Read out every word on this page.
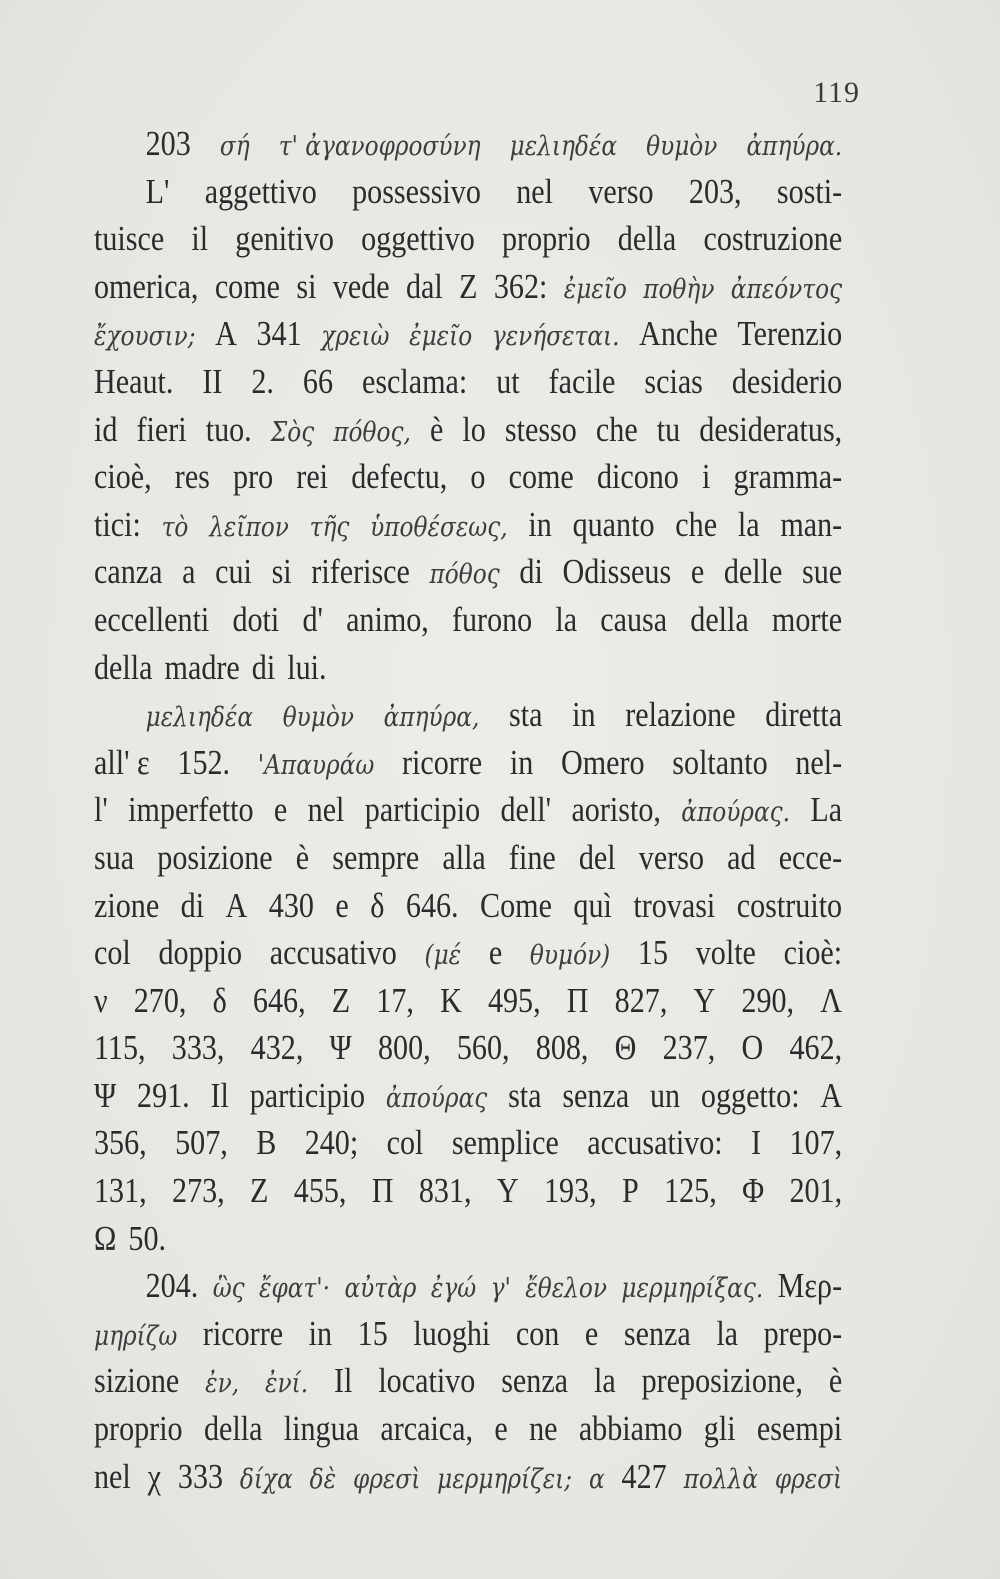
119
203 σή τ' ἀγανοφροσύνη μελιηδέα θυμὸν ἀπηύρα.
L' aggettivo possessivo nel verso 203, sosti-
tuisce il genitivo oggettivo proprio della costruzione
omerica, come si vede dal Z 362: ἐμεῖο ποθὴν ἀπεόντος
ἔχουσιν; A 341 χρειὼ ἐμεῖο γενήσεται. Anche Terenzio
Heaut. II 2. 66 esclama: ut facile scias desiderio
id fieri tuo. Σὸς πόθος, è lo stesso che tu desideratus,
cioè, res pro rei defectu, o come dicono i gramma-
tici: τὸ λεῖπον τῆς ὑποθέσεως, in quanto che la man-
canza a cui si riferisce πόθος di Odisseus e delle sue
eccellenti doti d' animo, furono la causa della morte
della madre di lui.
μελιηδέα θυμὸν ἀπηύρα, sta in relazione diretta
all' ε 152. 'Απαυράω ricorre in Omero soltanto nel-
l' imperfetto e nel participio dell' aoristo, ἀπούρας. La
sua posizione è sempre alla fine del verso ad ecce-
zione di A 430 e δ 646. Come quì trovasi costruito
col doppio accusativo (μέ e θυμόν) 15 volte cioè:
ν 270, δ 646, Z 17, K 495, Π 827, Υ 290, Λ
115, 333, 432, Ψ 800, 560, 808, Θ 237, O 462,
Ψ 291. Il participio ἀπούρας sta senza un oggetto: A
356, 507, B 240; col semplice accusativo: I 107,
131, 273, Z 455, Π 831, Υ 193, P 125, Φ 201,
Ω 50.
204. ὣς ἔφατ'· αὐτὰρ ἐγώ γ' ἔθελον μερμηρίξας. Μερ-
μηρίζω ricorre in 15 luoghi con e senza la prepo-
sizione ἐν, ἐνί. Il locativo senza la preposizione, è
proprio della lingua arcaica, e ne abbiamo gli esempi
nel χ 333 δίχα δὲ φρεσὶ μερμηρίζει; α 427 πολλὰ φρεσὶ
